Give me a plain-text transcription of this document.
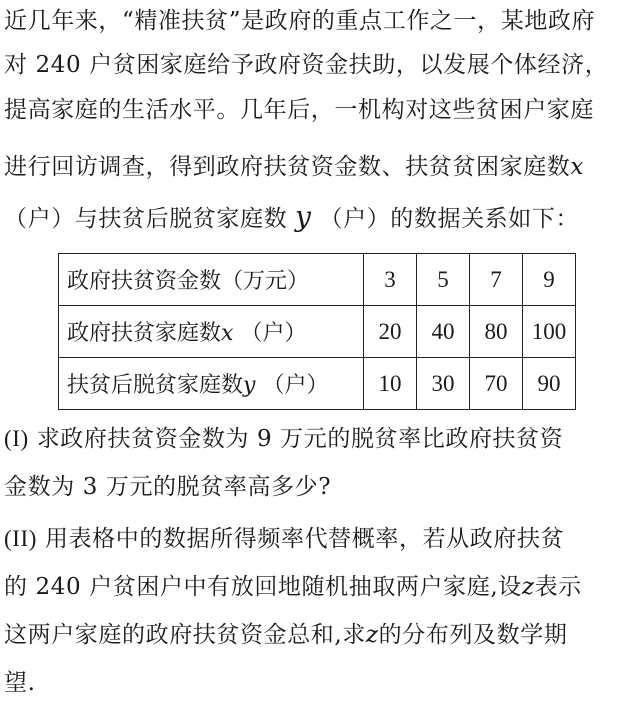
近几年来，“精准扶贫”是政府的重点工作之一，某地政府
对 240 户贫困家庭给予政府资金扶助，以发展个体经济，
提高家庭的生活水平。几年后，一机构对这些贫困户家庭
进行回访调查，得到政府扶贫资金数、扶贫贫困家庭数x
（户）与扶贫后脱贫家庭数 y （户）的数据关系如下：
政府扶贫资金数（万元）	3	5	7	9
政府扶贫家庭数x （户）	20	40	80	100
扶贫后脱贫家庭数y （户）	10	30	70	90
(I) 求政府扶贫资金数为 9 万元的脱贫率比政府扶贫资
金数为 3 万元的脱贫率高多少?
(II) 用表格中的数据所得频率代替概率，若从政府扶贫
的 240 户贫困户中有放回地随机抽取两户家庭,设z表示
这两户家庭的政府扶贫资金总和,求z的分布列及数学期
望.
